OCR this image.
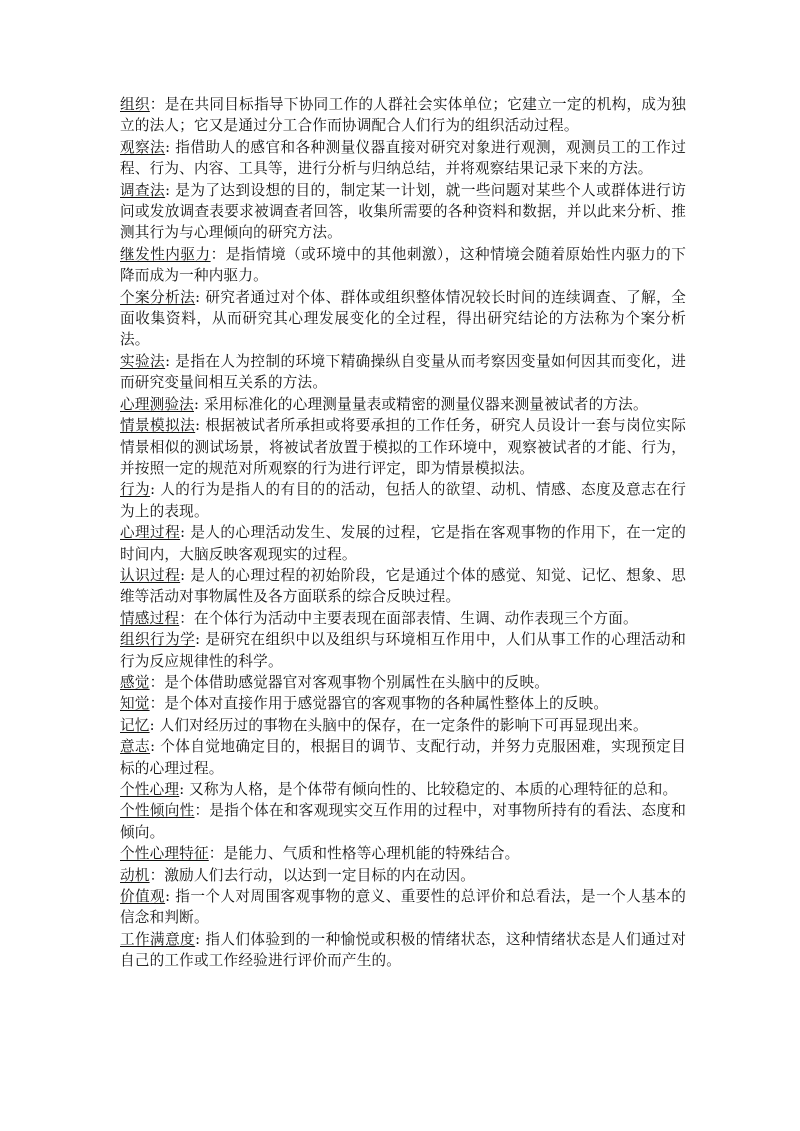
组织：是在共同目标指导下协同工作的人群社会实体单位；它建立一定的机构，成为独立的法人；它又是通过分工合作而协调配合人们行为的组织活动过程。

观察法: 指借助人的感官和各种测量仪器直接对研究对象进行观测，观测员工的工作过程、行为、内容、工具等，进行分析与归纳总结，并将观察结果记录下来的方法。

调查法: 是为了达到设想的目的，制定某一计划，就一些问题对某些个人或群体进行访问或发放调查表要求被调查者回答，收集所需要的各种资料和数据，并以此来分析、推测其行为与心理倾向的研究方法。

继发性内驱力：是指情境（或环境中的其他刺激），这种情境会随着原始性内驱力的下降而成为一种内驱力。

个案分析法: 研究者通过对个体、群体或组织整体情况较长时间的连续调查、了解，全面收集资料，从而研究其心理发展变化的全过程，得出研究结论的方法称为个案分析法。

实验法: 是指在人为控制的环境下精确操纵自变量从而考察因变量如何因其而变化，进而研究变量间相互关系的方法。

心理测验法: 采用标准化的心理测量量表或精密的测量仪器来测量被试者的方法。

情景模拟法: 根据被试者所承担或将要承担的工作任务，研究人员设计一套与岗位实际情景相似的测试场景，将被试者放置于模拟的工作环境中，观察被试者的才能、行为，并按照一定的规范对所观察的行为进行评定，即为情景模拟法。

行为: 人的行为是指人的有目的的活动，包括人的欲望、动机、情感、态度及意志在行为上的表现。

心理过程: 是人的心理活动发生、发展的过程，它是指在客观事物的作用下，在一定的时间内，大脑反映客观现实的过程。

认识过程: 是人的心理过程的初始阶段，它是通过个体的感觉、知觉、记忆、想象、思维等活动对事物属性及各方面联系的综合反映过程。

情感过程：在个体行为活动中主要表现在面部表情、生调、动作表现三个方面。

组织行为学: 是研究在组织中以及组织与环境相互作用中，人们从事工作的心理活动和行为反应规律性的科学。

感觉：是个体借助感觉器官对客观事物个别属性在头脑中的反映。

知觉：是个体对直接作用于感觉器官的客观事物的各种属性整体上的反映。

记忆: 人们对经历过的事物在头脑中的保存，在一定条件的影响下可再显现出来。

意志: 个体自觉地确定目的，根据目的调节、支配行动，并努力克服困难，实现预定目标的心理过程。

个性心理: 又称为人格，是个体带有倾向性的、比较稳定的、本质的心理特征的总和。

个性倾向性：是指个体在和客观现实交互作用的过程中，对事物所持有的看法、态度和倾向。

个性心理特征：是能力、气质和性格等心理机能的特殊结合。

动机：激励人们去行动，以达到一定目标的内在动因。

价值观: 指一个人对周围客观事物的意义、重要性的总评价和总看法，是一个人基本的信念和判断。

工作满意度: 指人们体验到的一种愉悦或积极的情绪状态，这种情绪状态是人们通过对自己的工作或工作经验进行评价而产生的。
